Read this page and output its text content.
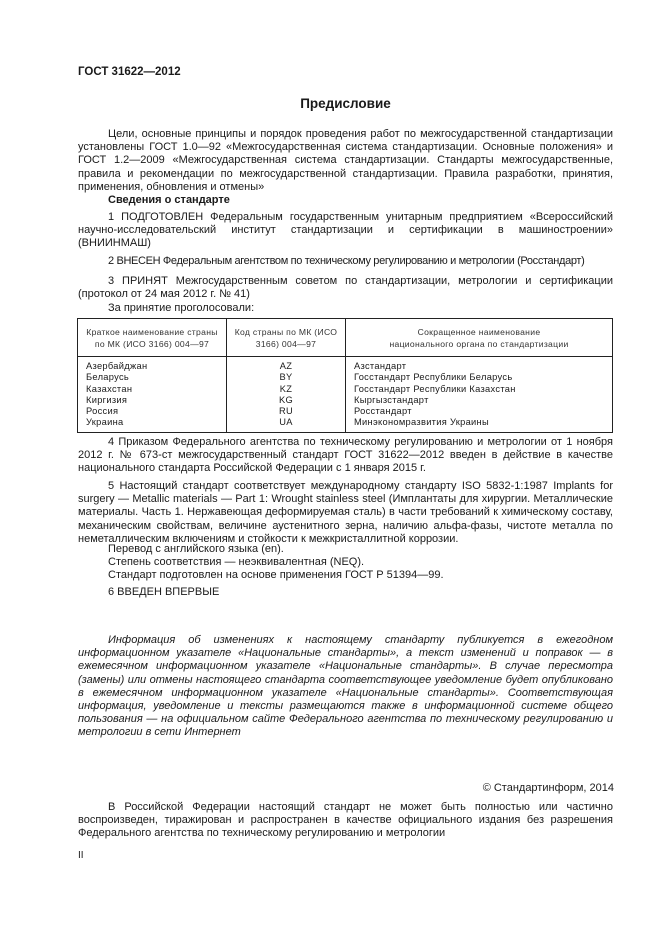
ГОСТ 31622—2012
Предисловие
Цели, основные принципы и порядок проведения работ по межгосударственной стандартизации установлены ГОСТ 1.0—92 «Межгосударственная система стандартизации. Основные положения» и ГОСТ 1.2—2009 «Межгосударственная система стандартизации. Стандарты межгосударственные, правила и рекомендации по межгосударственной стандартизации. Правила разработки, принятия, применения, обновления и отмены»
Сведения о стандарте
1 ПОДГОТОВЛЕН Федеральным государственным унитарным предприятием «Всероссийский научно-исследовательский институт стандартизации и сертификации в машиностроении» (ВНИИНМАШ)
2 ВНЕСЕН Федеральным агентством по техническому регулированию и метрологии (Росстандарт)
3 ПРИНЯТ Межгосударственным советом по стандартизации, метрологии и сертификации (протокол от 24 мая 2012 г. № 41)
За принятие проголосовали:
Краткое наименование страны по МК (ИСО 3166) 004—97	Код страны по МК (ИСО 3166) 004—97	Сокращенное наименование национального органа по стандартизации
Азербайджан	AZ	Азстандарт
Беларусь	BY	Госстандарт Республики Беларусь
Казахстан	KZ	Госстандарт Республики Казахстан
Киргизия	KG	Кыргызстандарт
Россия	RU	Росстандарт
Украина	UA	Минэкономразвития Украины
4 Приказом Федерального агентства по техническому регулированию и метрологии от 1 ноября 2012 г. № 673-ст межгосударственный стандарт ГОСТ 31622—2012 введен в действие в качестве национального стандарта Российской Федерации с 1 января 2015 г.
5 Настоящий стандарт соответствует международному стандарту ISO 5832-1:1987 Implants for surgery — Metallic materials — Part 1: Wrought stainless steel (Имплантаты для хирургии. Металлические материалы. Часть 1. Нержавеющая деформируемая сталь) в части требований к химическому составу, механическим свойствам, величине аустенитного зерна, наличию альфа-фазы, чистоте металла по неметаллическим включениям и стойкости к межкристаллитной коррозии.
Перевод с английского языка (en).
Степень соответствия — неэквивалентная (NEQ).
Стандарт подготовлен на основе применения ГОСТ Р 51394—99.
6 ВВЕДЕН ВПЕРВЫЕ
Информация об изменениях к настоящему стандарту публикуется в ежегодном информационном указателе «Национальные стандарты», а текст изменений и поправок — в ежемесячном информационном указателе «Национальные стандарты». В случае пересмотра (замены) или отмены настоящего стандарта соответствующее уведомление будет опубликовано в ежемесячном информационном указателе «Национальные стандарты». Соответствующая информация, уведомление и тексты размещаются также в информационной системе общего пользования — на официальном сайте Федерального агентства по техническому регулированию и метрологии в сети Интернет
© Стандартинформ, 2014
В Российской Федерации настоящий стандарт не может быть полностью или частично воспроизведен, тиражирован и распространен в качестве официального издания без разрешения Федерального агентства по техническому регулированию и метрологии
II
